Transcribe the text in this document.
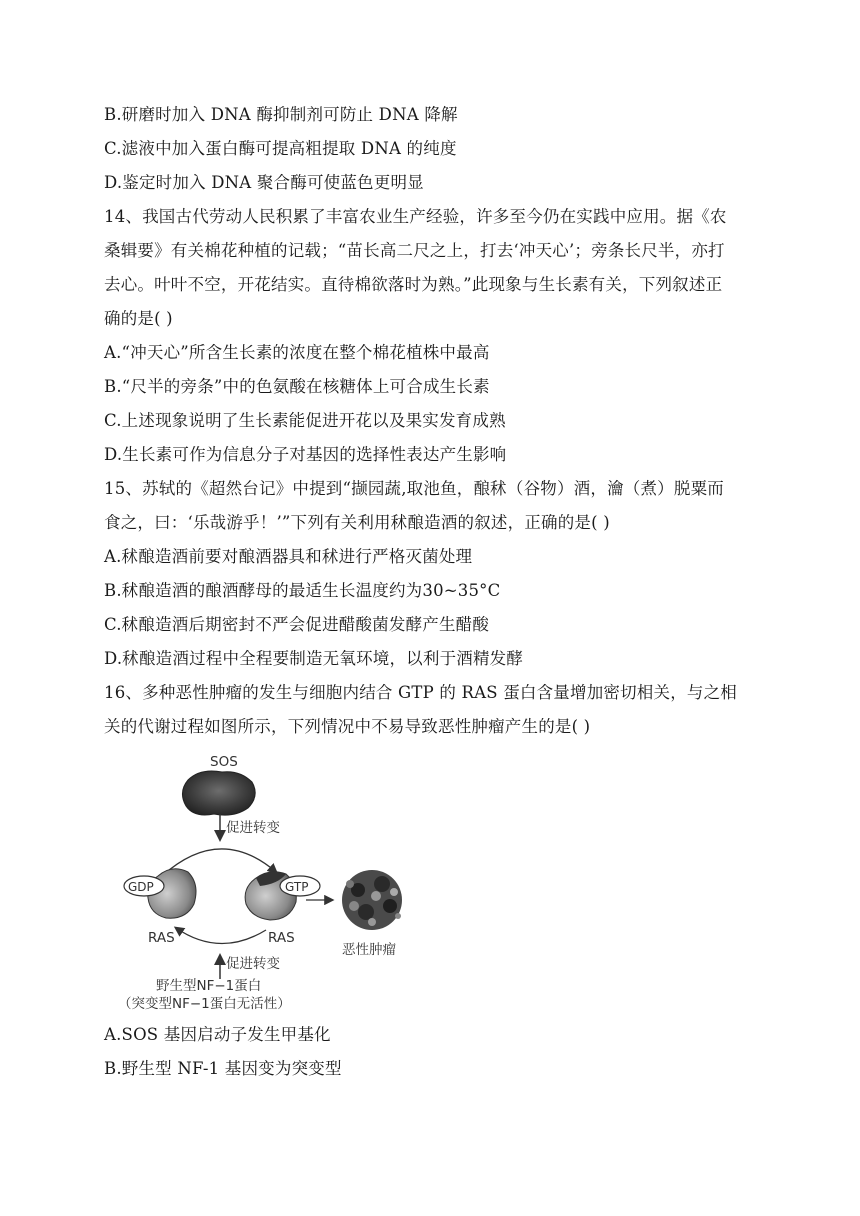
B.研磨时加入 DNA 酶抑制剂可防止 DNA 降解
C.滤液中加入蛋白酶可提高粗提取 DNA 的纯度
D.鉴定时加入 DNA 聚合酶可使蓝色更明显
14、我国古代劳动人民积累了丰富农业生产经验，许多至今仍在实践中应用。据《农
桑辑要》有关棉花种植的记载；“苗长高二尺之上，打去‘冲天心’；旁条长尺半，亦打
去心。叶叶不空，开花结实。直待棉欲落时为熟。”此现象与生长素有关，下列叙述正
确的是( )
A.“冲天心”所含生长素的浓度在整个棉花植株中最高
B.“尺半的旁条”中的色氨酸在核糖体上可合成生长素
C.上述现象说明了生长素能促进开花以及果实发育成熟
D.生长素可作为信息分子对基因的选择性表达产生影响
15、苏轼的《超然台记》中提到“撷园蔬,取池鱼，酿秫（谷物）酒，瀹（煮）脱粟而
食之，曰：‘乐哉游乎！’”下列有关利用秫酿造酒的叙述，正确的是( )
A.秫酿造酒前要对酿酒器具和秫进行严格灭菌处理
B.秫酿造酒的酿酒酵母的最适生长温度约为30~35°C
C.秫酿造酒后期密封不严会促进醋酸菌发酵产生醋酸
D.秫酿造酒过程中全程要制造无氧环境，以利于酒精发酵
16、多种恶性肿瘤的发生与细胞内结合 GTP 的 RAS 蛋白含量增加密切相关，与之相
关的代谢过程如图所示，下列情况中不易导致恶性肿瘤产生的是( )
SOS
促进转变
GDP
RAS
GTP
RAS
恶性肿瘤
促进转变
野生型NF−1蛋白
（突变型NF−1蛋白无活性）
A.SOS 基因启动子发生甲基化
B.野生型 NF-1 基因变为突变型
